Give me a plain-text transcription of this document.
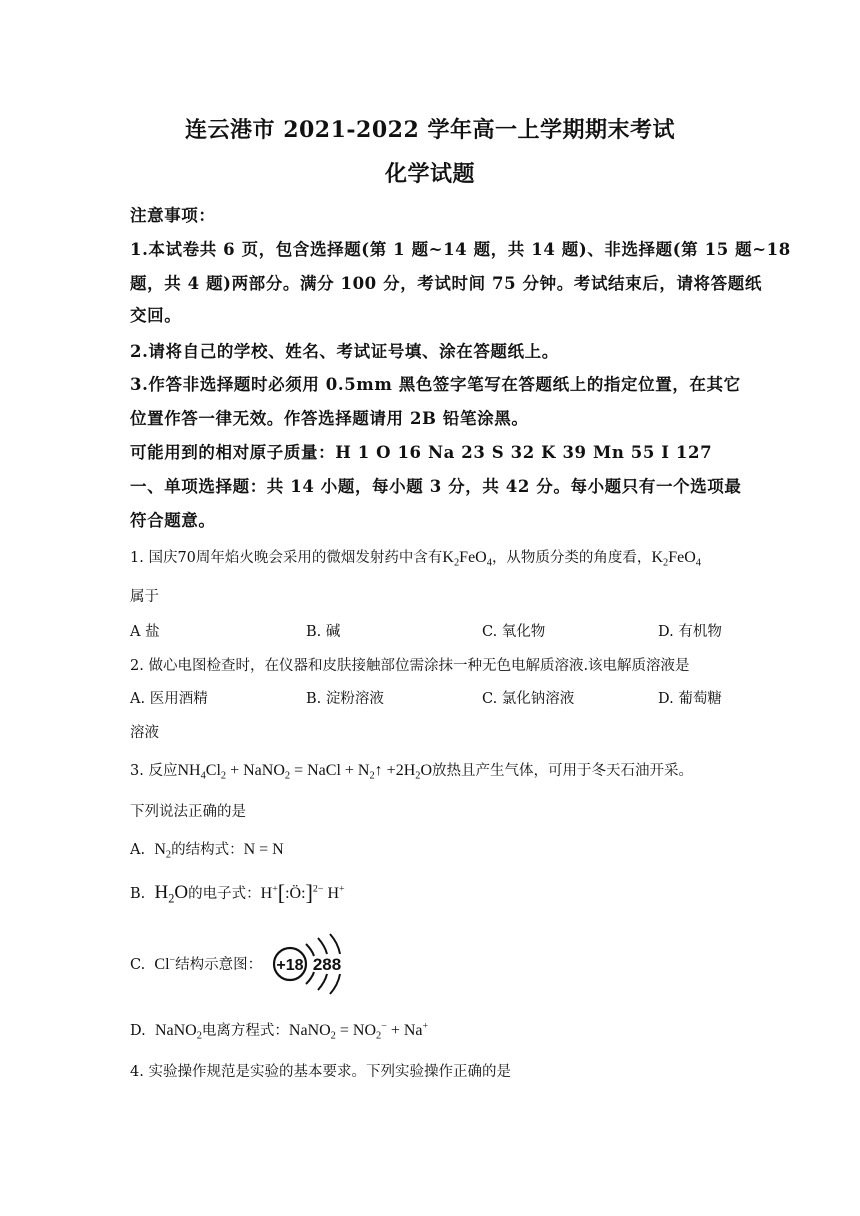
连云港市 2021-2022 学年高一上学期期末考试
化学试题
注意事项：
1.本试卷共 6 页，包含选择题(第 1 题~14 题，共 14 题)、非选择题(第 15 题~18
题，共 4 题)两部分。满分 100 分，考试时间 75 分钟。考试结束后，请将答题纸
交回。
2.请将自己的学校、姓名、考试证号填、涂在答题纸上。
3.作答非选择题时必须用 0.5mm 黑色签字笔写在答题纸上的指定位置，在其它
位置作答一律无效。作答选择题请用 2B 铅笔涂黑。
可能用到的相对原子质量：H 1 O 16 Na 23 S 32 K 39 Mn 55 I 127
一、单项选择题：共 14 小题，每小题 3 分，共 42 分。每小题只有一个选项最
符合题意。
1. 国庆70周年焰火晚会采用的微烟发射药中含有$K_2FeO_4$，从物质分类的角度看，$K_2FeO_4$
属于
A 盐	B. 碱	C. 氧化物	D. 有机物
2. 做心电图检查时，在仪器和皮肤接触部位需涂抹一种无色电解质溶液.该电解质溶液是
A. 医用酒精	B. 淀粉溶液	C. 氯化钠溶液	D. 葡萄糖
溶液
3. 反应$NH_4Cl_2$ + NaNO$_2$ = NaCl + $N_2↑ +2H_2O$放热且产生气体，可用于冬天石油开采。
下列说法正确的是
A. $N_2$的结构式：N = N
B. $H_2O$的电子式：H+[:Ö:]$^{2-}$ H+
C. Cl−结构示意图： +18 288
D. NaNO$_2$电离方程式：NaNO$_2$ = $NO_2^- + Na^+$
4. 实验操作规范是实验的基本要求。下列实验操作正确的是
